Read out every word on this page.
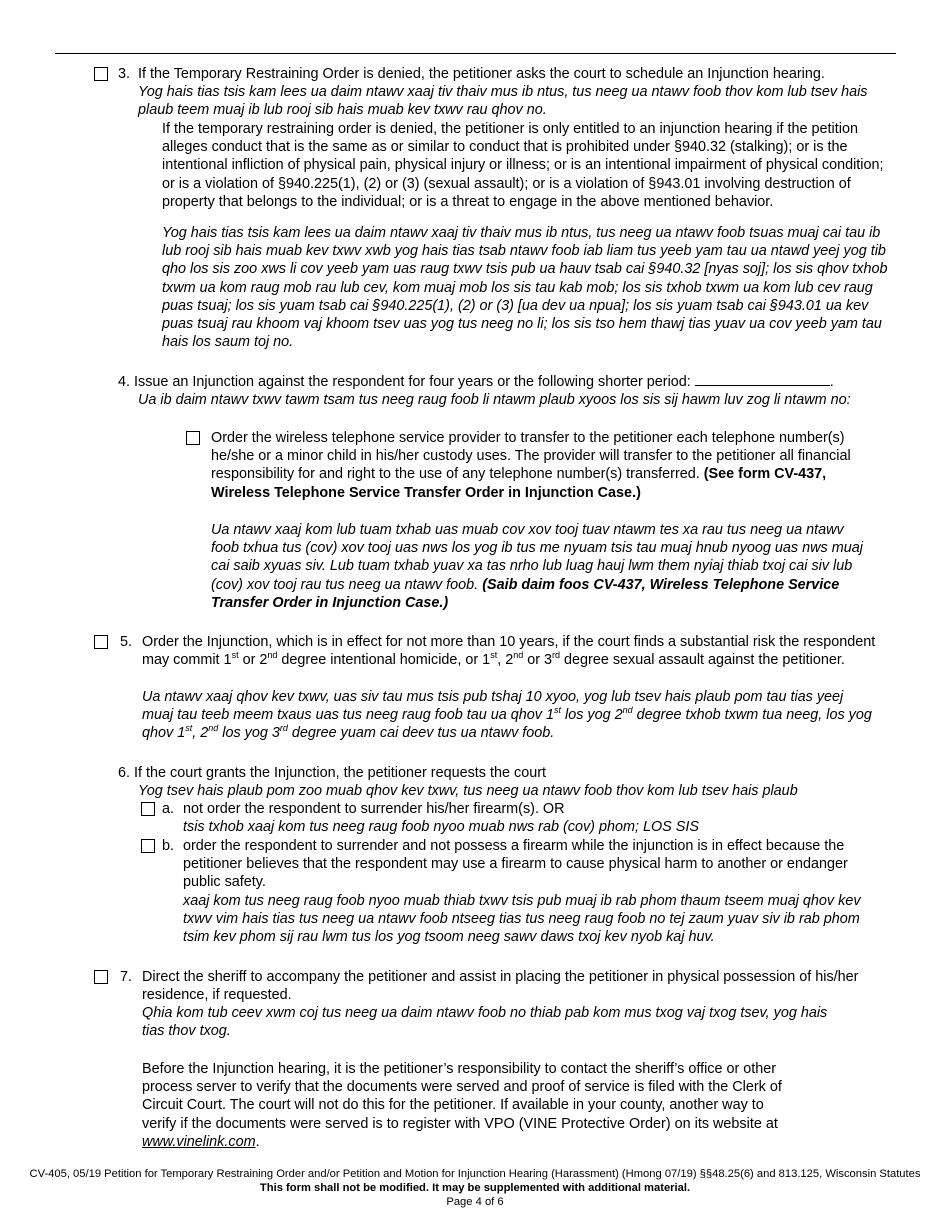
3. If the Temporary Restraining Order is denied, the petitioner asks the court to schedule an Injunction hearing.
Yog hais tias tsis kam lees ua daim ntawv xaaj tiv thaiv mus ib ntus, tus neeg ua ntawv foob thov kom lub tsev hais plaub teem muaj ib lub rooj sib hais muab kev txwv rau qhov no.
If the temporary restraining order is denied, the petitioner is only entitled to an injunction hearing if the petition alleges conduct that is the same as or similar to conduct that is prohibited under §940.32 (stalking); or is the intentional infliction of physical pain, physical injury or illness; or is an intentional impairment of physical condition; or is a violation of §940.225(1), (2) or (3) (sexual assault); or is a violation of §943.01 involving destruction of property that belongs to the individual; or is a threat to engage in the above mentioned behavior.
Yog hais tias tsis kam lees ua daim ntawv xaaj tiv thaiv mus ib ntus, tus neeg ua ntawv foob tsuas muaj cai tau ib lub rooj sib hais muab kev txwv xwb yog hais tias tsab ntawv foob iab liam tus yeeb yam tau ua ntawd yeej yog tib qho los sis zoo xws li cov yeeb yam uas raug txwv tsis pub ua hauv tsab cai §940.32 [nyas soj]; los sis qhov txhob txwm ua kom raug mob rau lub cev, kom muaj mob los sis tau kab mob; los sis txhob txwm ua kom lub cev raug puas tsuaj; los sis yuam tsab cai §940.225(1), (2) or (3) [ua dev ua npua]; los sis yuam tsab cai §943.01 ua kev puas tsuaj rau khoom vaj khoom tsev uas yog tus neeg no li; los sis tso hem thawj tias yuav ua cov yeeb yam tau hais los saum toj no.
4. Issue an Injunction against the respondent for four years or the following shorter period:	.
Ua ib daim ntawv txwv tawm tsam tus neeg raug foob li ntawm plaub xyoos los sis sij hawm luv zog li ntawm no:
Order the wireless telephone service provider to transfer to the petitioner each telephone number(s) he/she or a minor child in his/her custody uses. The provider will transfer to the petitioner all financial responsibility for and right to the use of any telephone number(s) transferred. (See form CV-437, Wireless Telephone Service Transfer Order in Injunction Case.)
Ua ntawv xaaj kom lub tuam txhab uas muab cov xov tooj tuav ntawm tes xa rau tus neeg ua ntawv foob txhua tus (cov) xov tooj uas nws los yog ib tus me nyuam tsis tau muaj hnub nyoog uas nws muaj cai saib xyuas siv. Lub tuam txhab yuav xa tas nrho lub luag hauj lwm them nyiaj thiab txoj cai siv lub (cov) xov tooj rau tus neeg ua ntawv foob. (Saib daim foos CV-437, Wireless Telephone Service Transfer Order in Injunction Case.)
5. Order the Injunction, which is in effect for not more than 10 years, if the court finds a substantial risk the respondent may commit 1st or 2nd degree intentional homicide, or 1st, 2nd or 3rd degree sexual assault against the petitioner.
Ua ntawv xaaj qhov kev txwv, uas siv tau mus tsis pub tshaj 10 xyoo, yog lub tsev hais plaub pom tau tias yeej muaj tau teeb meem txaus uas tus neeg raug foob tau ua qhov 1st los yog 2nd degree txhob txwm tua neeg, los yog qhov 1st, 2nd los yog 3rd degree yuam cai deev tus ua ntawv foob.
6. If the court grants the Injunction, the petitioner requests the court
Yog tsev hais plaub pom zoo muab qhov kev txwv, tus neeg ua ntawv foob thov kom lub tsev hais plaub
a. not order the respondent to surrender his/her firearm(s). OR
tsis txhob xaaj kom tus neeg raug foob nyoo muab nws rab (cov) phom; LOS SIS
b. order the respondent to surrender and not possess a firearm while the injunction is in effect because the petitioner believes that the respondent may use a firearm to cause physical harm to another or endanger public safety.
xaaj kom tus neeg raug foob nyoo muab thiab txwv tsis pub muaj ib rab phom thaum tseem muaj qhov kev txwv vim hais tias tus neeg ua ntawv foob ntseeg tias tus neeg raug foob no tej zaum yuav siv ib rab phom tsim kev phom sij rau lwm tus los yog tsoom neeg sawv daws txoj kev nyob kaj huv.
7. Direct the sheriff to accompany the petitioner and assist in placing the petitioner in physical possession of his/her residence, if requested.
Qhia kom tub ceev xwm coj tus neeg ua daim ntawv foob no thiab pab kom mus txog vaj txog tsev, yog hais tias thov txog.
Before the Injunction hearing, it is the petitioner’s responsibility to contact the sheriff’s office or other process server to verify that the documents were served and proof of service is filed with the Clerk of Circuit Court. The court will not do this for the petitioner. If available in your county, another way to verify if the documents were served is to register with VPO (VINE Protective Order) on its website at www.vinelink.com.
CV-405, 05/19 Petition for Temporary Restraining Order and/or Petition and Motion for Injunction Hearing (Harassment) (Hmong 07/19) §§48.25(6) and 813.125, Wisconsin Statutes
This form shall not be modified. It may be supplemented with additional material.
Page 4 of 6
